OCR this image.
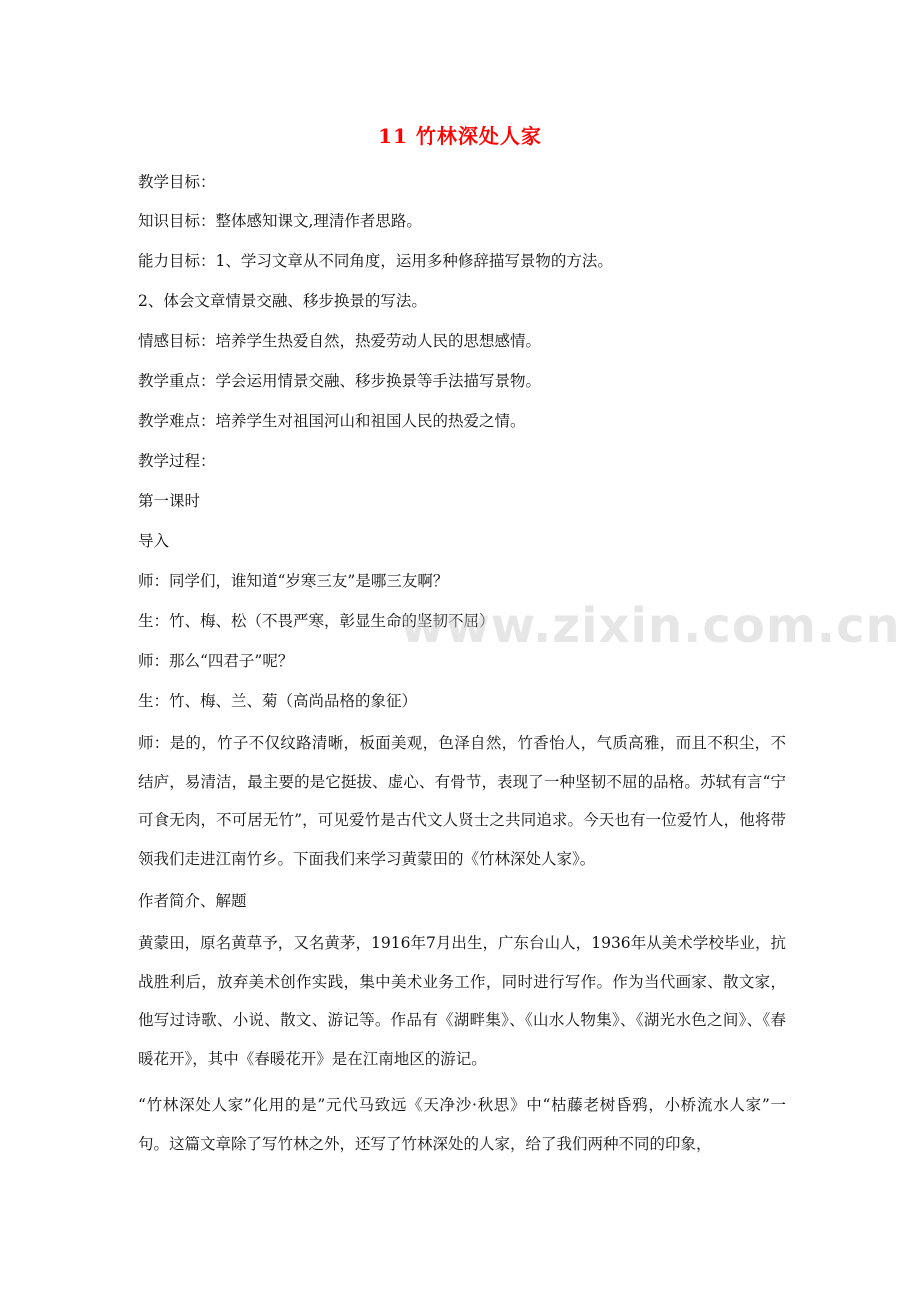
11 竹林深处人家
教学目标：
知识目标：整体感知课文,理清作者思路。
能力目标：1、学习文章从不同角度，运用多种修辞描写景物的方法。
2、体会文章情景交融、移步换景的写法。
情感目标：培养学生热爱自然，热爱劳动人民的思想感情。
教学重点：学会运用情景交融、移步换景等手法描写景物。
教学难点：培养学生对祖国河山和祖国人民的热爱之情。
教学过程：
第一课时
导入
师：同学们，谁知道“岁寒三友”是哪三友啊？
生：竹、梅、松（不畏严寒，彰显生命的坚韧不屈）
师：那么“四君子”呢？
生：竹、梅、兰、菊（高尚品格的象征）
师：是的，竹子不仅纹路清晰，板面美观，色泽自然，竹香怡人，气质高雅，而且不积尘，不结庐，易清洁，最主要的是它挺拔、虚心、有骨节，表现了一种坚韧不屈的品格。苏轼有言“宁可食无肉，不可居无竹”，可见爱竹是古代文人贤士之共同追求。今天也有一位爱竹人，他将带领我们走进江南竹乡。下面我们来学习黄蒙田的《竹林深处人家》。
作者简介、解题
黄蒙田，原名黄草予，又名黄茅，1916年7月出生，广东台山人，1936年从美术学校毕业，抗战胜利后，放弃美术创作实践，集中美术业务工作，同时进行写作。作为当代画家、散文家，他写过诗歌、小说、散文、游记等。作品有《湖畔集》、《山水人物集》、《湖光水色之间》、《春暖花开》，其中《春暖花开》是在江南地区的游记。
“竹林深处人家”化用的是”元代马致远《天净沙·秋思》中“枯藤老树昏鸦，小桥流水人家”一句。这篇文章除了写竹林之外，还写了竹林深处的人家，给了我们两种不同的印象，
www.zixin.com.cn
